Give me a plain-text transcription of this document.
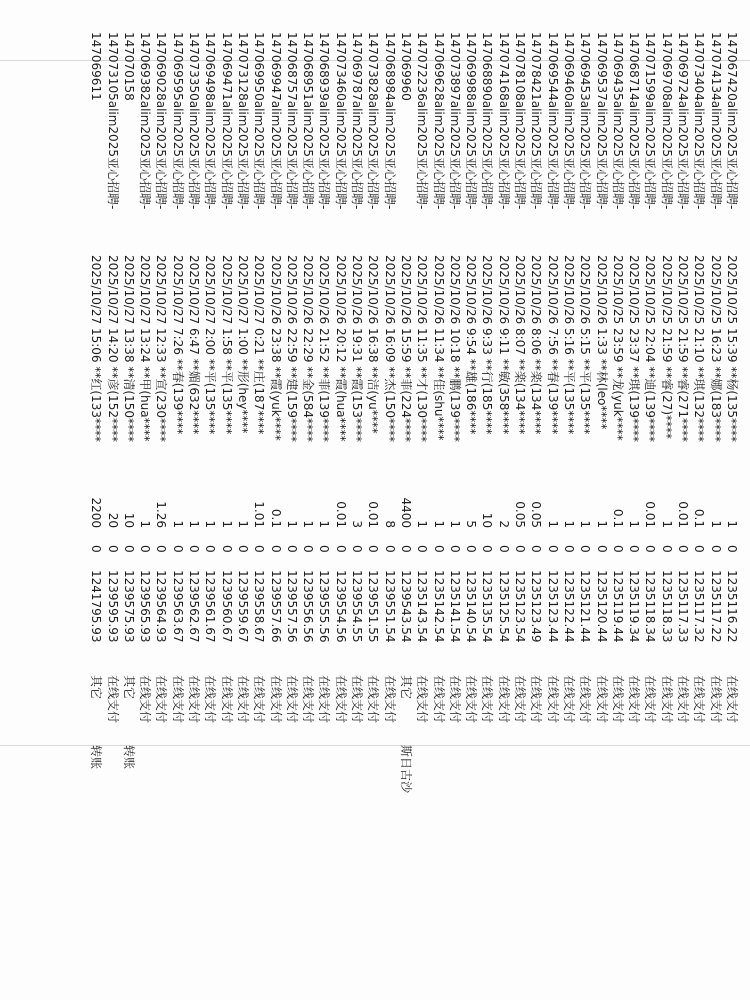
147067420alim2025亚心招聘-
2025/10/25 15:39 **杨(135****
1
0
1235116.22
在线支付
147074134alim2025亚心招聘-
2025/10/25 16:23 **娜(183****
1
0
1235117.22
在线支付
147073404alim2025亚心招聘-
2025/10/25 21:10 **琪(132****
0.1
0
1235117.32
在线支付
147069724alim2025亚心招聘-
2025/10/25 21:59 **睿(271****
0.01
0
1235117.33
在线支付
147069708alim2025亚心招聘-
2025/10/25 21:59 **睿(27)****
1
0
1235118.33
在线支付
147071599alim2025亚心招聘-
2025/10/25 22:04 **迪(139****
0.01
0
1235118.34
在线支付
147068714alim2025亚心招聘-
2025/10/25 23:37 **琪(139****
1
0
1235119.34
在线支付
147069435alim2025亚心招聘-
2025/10/25 23:59 **龙(yuk****
0.1
0
1235119.44
在线支付
147069537alim2025亚心招聘-
2025/10/26 1:33 **林(leo****
1
0
1235120.44
在线支付
147069453alim2025亚心招聘-
2025/10/26 5:15 **平(135****
1
0
1235121.44
在线支付
147069460alim2025亚心招聘-
2025/10/26 5:16 **平(135****
1
0
1235122.44
在线支付
147069544alim2025亚心招聘-
2025/10/26 7:56 **春(139****
1
0
1235123.44
在线支付
147078421alim2025亚心招聘-
2025/10/26 8:06 **楽(134****
0.05
0
1235123.49
在线支付
147078108alim2025亚心招聘-
2025/10/26 8:07 **楽(134****
0.05
0
1235123.54
在线支付
147074168alim2025亚心招聘-
2025/10/26 9:11 **敏(358****
2
0
1235125.54
在线支付
147068890alim2025亚心招聘-
2025/10/26 9:33 **行(185****
10
0
1235135.54
在线支付
147069988alim2025亚心招聘-
2025/10/26 9:54 **雄(186****
5
0
1235140.54
在线支付
147073897alim2025亚心招聘-
2025/10/26 10:18 **鹏(139****
1
0
1235141.54
在线支付
147069628alim2025亚心招聘-
2025/10/26 11:34 **佳(shu****
1
0
1235142.54
在线支付
147072236alim2025亚心招聘-
2025/10/26 11:35 **才(130****
1
0
1235143.54
在线支付
147069960
2025/10/26 15:59 **菲(224****
4400
0
1239543.54
其它
斯日古沙
147068984alim2025亚心招聘-
2025/10/26 16:09 **杰(150****
8
0
1239551.54
在线支付
147073828alim2025亚心招聘-
2025/10/26 16:38 **洁(yu****
0.01
0
1239551.55
在线支付
147069787alim2025亚心招聘-
2025/10/26 19:31 **霞(153****
3
0
1239554.55
在线支付
147073460alim2025亚心招聘-
2025/10/26 20:12 **霞(hua****
0.01
0
1239554.56
在线支付
147068939alim2025亚心招聘-
2025/10/26 21:52 **菲(139****
1
0
1239555.56
在线支付
147068951alim2025亚心招聘-
2025/10/26 22:29 **金(584****
1
0
1239556.56
在线支付
147068757alim2025亚心招聘-
2025/10/26 22:59 **建(159****
1
0
1239557.56
在线支付
147069947alim2025亚心招聘-
2025/10/26 23:38 **霞(yuk****
0.1
0
1239557.66
在线支付
147069950alim2025亚心招聘-
2025/10/27 0:21 **庄(187****
1.01
0
1239558.67
在线支付
147073128alim2025亚心招聘-
2025/10/27 1:00 **形(hey****
1
0
1239559.67
在线支付
147069471alim2025亚心招聘-
2025/10/27 1:58 **平(135****
1
0
1239560.67
在线支付
147069498alim2025亚心招聘-
2025/10/27 2:00 **平(135****
1
0
1239561.67
在线支付
147073350alim2025亚心招聘-
2025/10/27 6:47 **媚(632****
1
0
1239562.67
在线支付
147069595alim2025亚心招聘-
2025/10/27 7:26 **春(139****
1
0
1239563.67
在线支付
147069028alim2025亚心招聘-
2025/10/27 12:33 **宣(230****
1.26
0
1239564.93
在线支付
147069382alim2025亚心招聘-
2025/10/27 13:24 **甲(hua****
1
0
1239565.93
在线支付
147070158
2025/10/27 13:38 **清(150****
10
0
1239575.93
其它
转账
147073105alim2025亚心招聘-
2025/10/27 14:20 **彦(152****
20
0
1239595.93
在线支付
147069611
2025/10/27 15:06 **红(133****
2200
0
1241795.93
其它
转账
